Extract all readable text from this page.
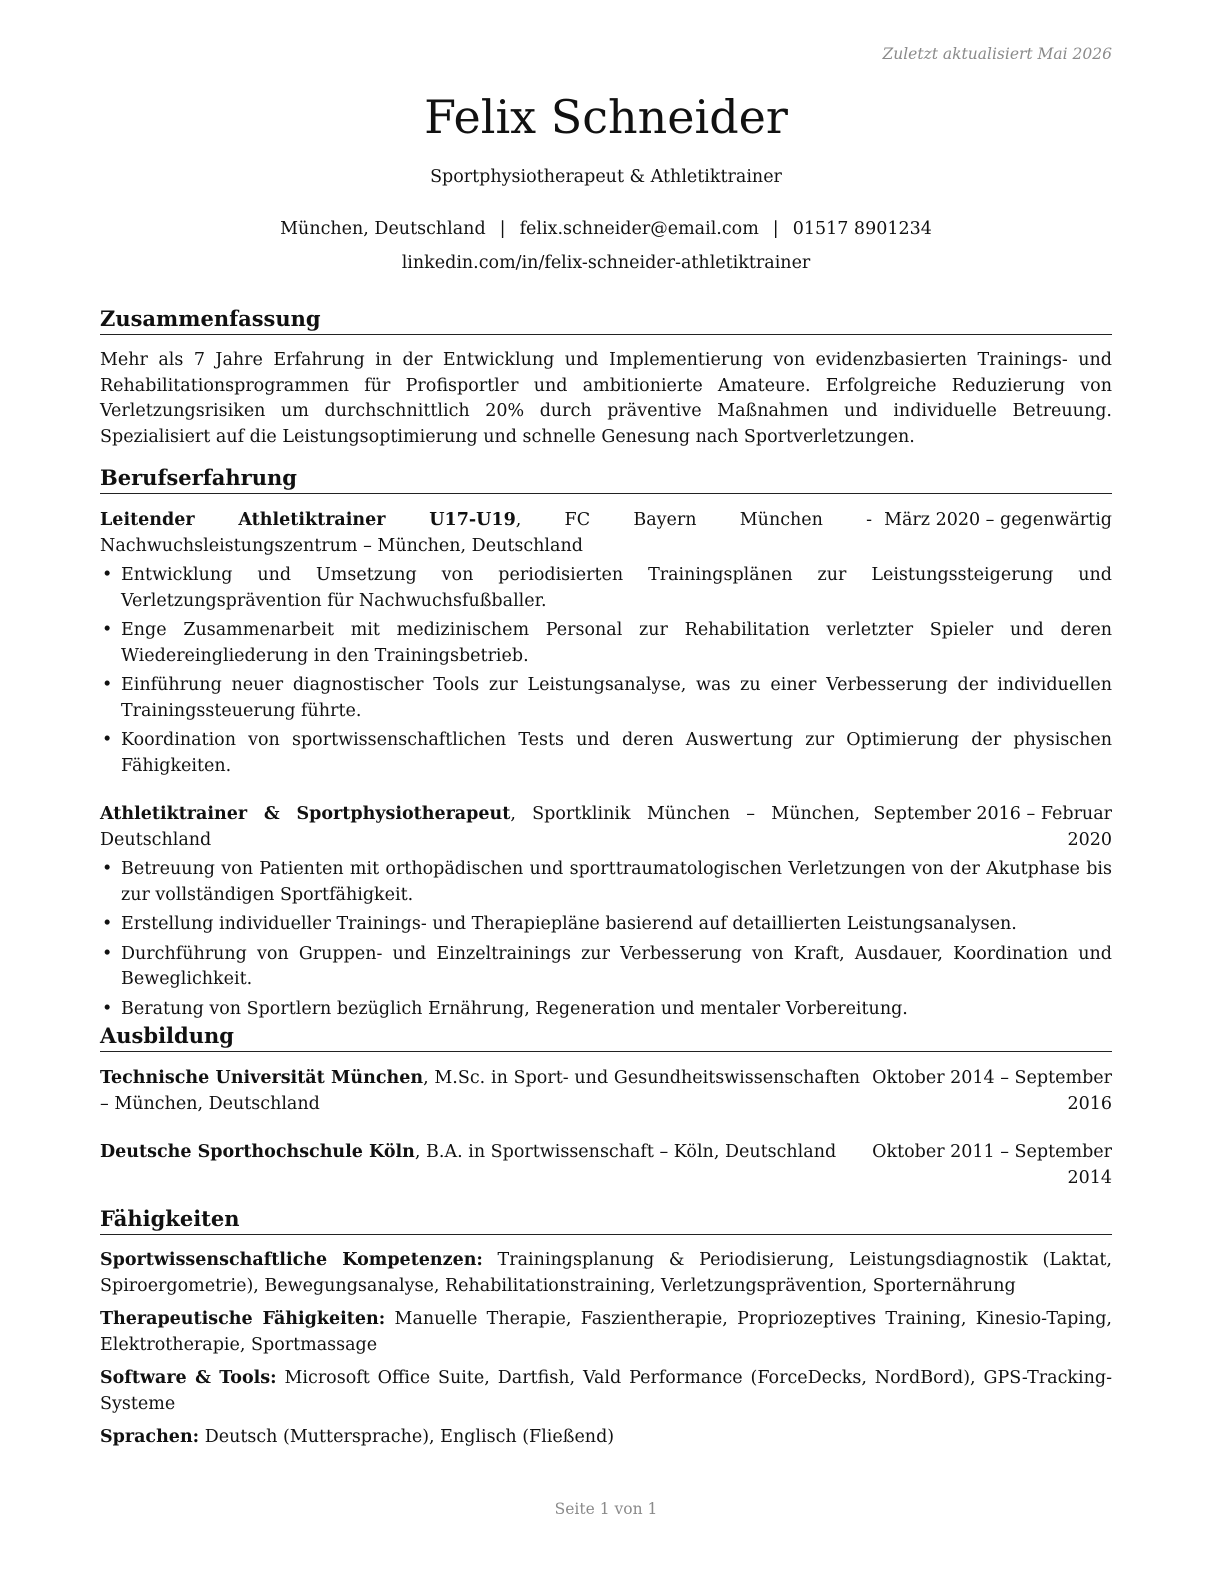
Zuletzt aktualisiert Mai 2026
Felix Schneider
Sportphysiotherapeut & Athletiktrainer
München, Deutschland | felix.schneider@email.com | 01517 8901234
linkedin.com/in/felix-schneider-athletiktrainer
Zusammenfassung

Mehr als 7 Jahre Erfahrung in der Entwicklung und Implementierung von evidenzbasierten Trainings- und Rehabilitationsprogrammen für Profisportler und ambitionierte Amateure. Erfolgreiche Reduzierung von Verletzungsrisiken um durchschnittlich 20% durch präventive Maßnahmen und individuelle Betreuung. Spezialisiert auf die Leistungsoptimierung und schnelle Genesung nach Sportverletzungen.

Berufserfahrung
Leitender Athletiktrainer U17-U19, FC Bayern München - Nachwuchsleistungszentrum – München, Deutschland
März 2020 – gegenwärtig
• Entwicklung und Umsetzung von periodisierten Trainingsplänen zur Leistungssteigerung und Verletzungsprävention für Nachwuchsfußballer.
• Enge Zusammenarbeit mit medizinischem Personal zur Rehabilitation verletzter Spieler und deren Wiedereingliederung in den Trainingsbetrieb.
• Einführung neuer diagnostischer Tools zur Leistungsanalyse, was zu einer Verbesserung der individuellen Trainingssteuerung führte.
• Koordination von sportwissenschaftlichen Tests und deren Auswertung zur Optimierung der physischen Fähigkeiten.
Athletiktrainer & Sportphysiotherapeut, Sportklinik München – München, Deutschland
September 2016 – Februar 2020
• Betreuung von Patienten mit orthopädischen und sporttraumatologischen Verletzungen von der Akutphase bis zur vollständigen Sportfähigkeit.
• Erstellung individueller Trainings- und Therapiepläne basierend auf detaillierten Leistungsanalysen.
• Durchführung von Gruppen- und Einzeltrainings zur Verbesserung von Kraft, Ausdauer, Koordination und Beweglichkeit.
• Beratung von Sportlern bezüglich Ernährung, Regeneration und mentaler Vorbereitung.
Ausbildung
Technische Universität München, M.Sc. in Sport- und Gesundheitswissenschaften – München, Deutschland
Oktober 2014 – September 2016
Deutsche Sporthochschule Köln, B.A. in Sportwissenschaft – Köln, Deutschland	Oktober 2011 – September 2014
Fähigkeiten
Sportwissenschaftliche Kompetenzen: Trainingsplanung & Periodisierung, Leistungsdiagnostik (Laktat, Spiroergometrie), Bewegungsanalyse, Rehabilitationstraining, Verletzungsprävention, Sporternährung
Therapeutische Fähigkeiten: Manuelle Therapie, Faszientherapie, Propriozeptives Training, Kinesio-Taping, Elektrotherapie, Sportmassage
Software & Tools: Microsoft Office Suite, Dartfish, Vald Performance (ForceDecks, NordBord), GPS-Tracking-Systeme
Sprachen: Deutsch (Muttersprache), Englisch (Fließend)
Seite 1 von 1
